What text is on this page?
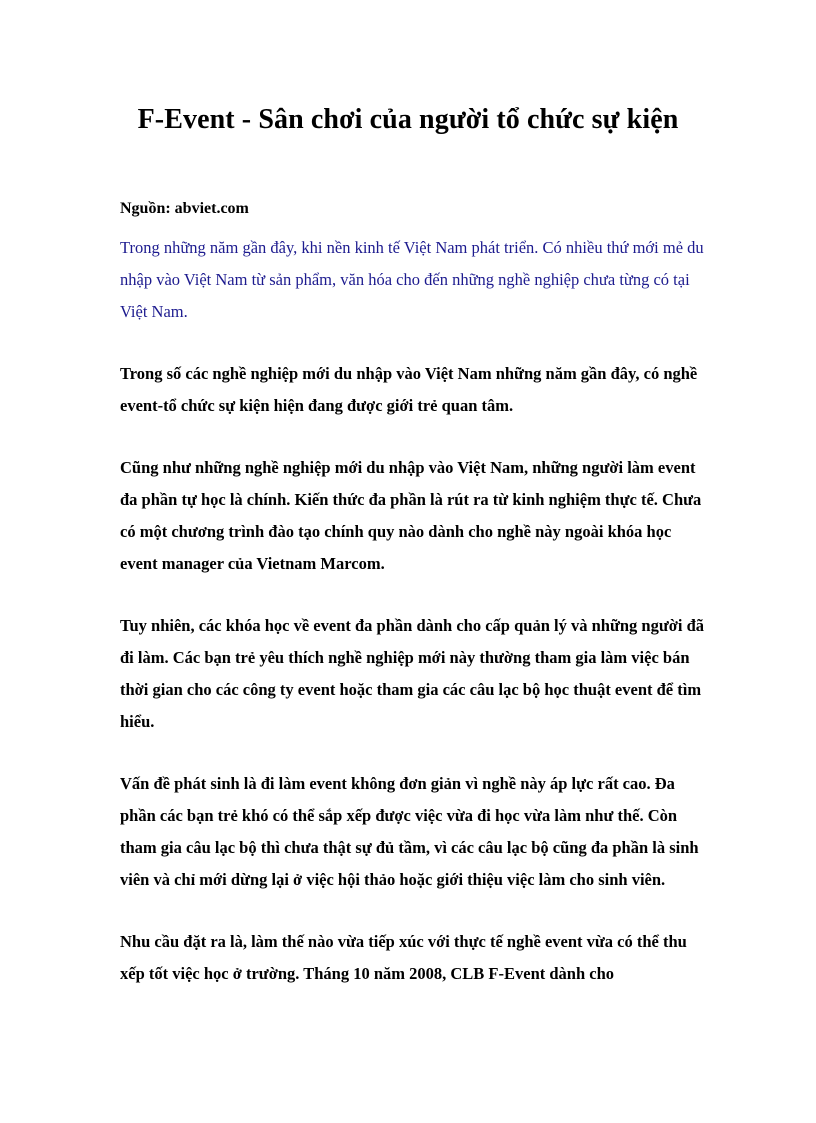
F-Event - Sân chơi của người tổ chức sự kiện

Nguồn: abviet.com

Trong những năm gần đây, khi nền kinh tế Việt Nam phát triển. Có nhiều thứ mới mẻ du nhập vào Việt Nam từ sản phẩm, văn hóa cho đến những nghề nghiệp chưa từng có tại Việt Nam.

Trong số các nghề nghiệp mới du nhập vào Việt Nam những năm gần đây, có nghề event-tổ chức sự kiện hiện đang được giới trẻ quan tâm.

Cũng như những nghề nghiệp mới du nhập vào Việt Nam, những người làm event đa phần tự học là chính. Kiến thức đa phần là rút ra từ kinh nghiệm thực tế. Chưa có một chương trình đào tạo chính quy nào dành cho nghề này ngoài khóa học event manager của Vietnam Marcom.

Tuy nhiên, các khóa học về event đa phần dành cho cấp quản lý và những người đã đi làm. Các bạn trẻ yêu thích nghề nghiệp mới này thường tham gia làm việc bán thời gian cho các công ty event hoặc tham gia các câu lạc bộ học thuật event để tìm hiểu.

Vấn đề phát sinh là đi làm event không đơn giản vì nghề này áp lực rất cao. Đa phần các bạn trẻ khó có thể sắp xếp được việc vừa đi học vừa làm như thế. Còn tham gia câu lạc bộ thì chưa thật sự đủ tầm, vì các câu lạc bộ cũng đa phần là sinh viên và chỉ mới dừng lại ở việc hội thảo hoặc giới thiệu việc làm cho sinh viên.

Nhu cầu đặt ra là, làm thế nào vừa tiếp xúc với thực tế nghề event vừa có thể thu xếp tốt việc học ở trường. Tháng 10 năm 2008, CLB F-Event dành cho
